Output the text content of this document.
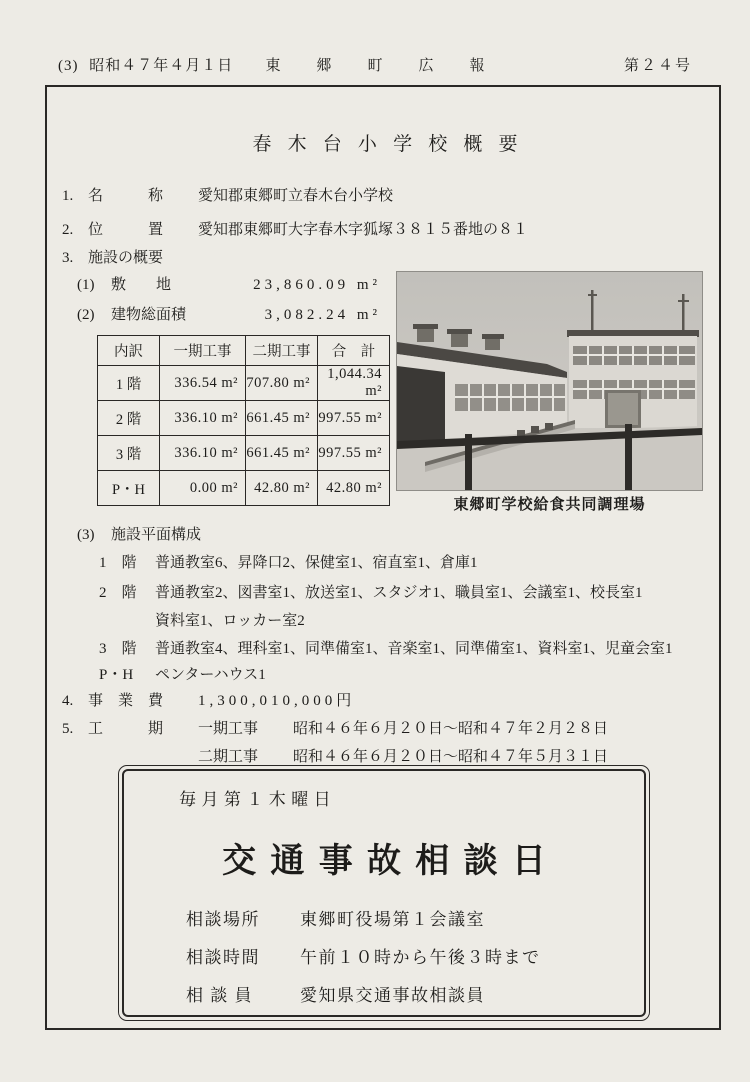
(3) 昭和４７年４月１日	東郷町広報	第２４号
春木台小学校概要
1. 名　　　称 愛知郡東郷町立春木台小学校
2. 位　　　置 愛知郡東郷町大字春木字狐塚３８１５番地の８１
3. 施設の概要
(1) 敷　　地	23,860.09 m²
(2) 建物総面積	3,082.24 m²
内訳	一期工事	二期工事	合　計
1 階	336.54 m²	707.80 m²	1,044.34 m²
2 階	336.10 m²	661.45 m²	997.55 m²
3 階	336.10 m²	661.45 m²	997.55 m²
P・H	0.00 m²	42.80 m²	42.80 m²
東郷町学校給食共同調理場
(3) 施設平面構成
1　階 普通教室6、昇降口2、保健室1、宿直室1、倉庫1
2　階 普通教室2、図書室1、放送室1、スタジオ1、職員室1、会議室1、校長室1
資料室1、ロッカー室2
3　階 普通教室4、理科室1、同準備室1、音楽室1、同準備室1、資料室1、児童会室1
P・H ペンターハウス1
4. 事　業　費 1,300,010,000円
5. 工　　　期 一期工事 昭和４６年６月２０日～昭和４７年２月２８日
二期工事 昭和４６年６月２０日～昭和４７年５月３１日
毎月第１木曜日
交通事故相談日
相談場所 東郷町役場第１会議室
相談時間 午前１０時から午後３時まで
相 談 員	愛知県交通事故相談員
